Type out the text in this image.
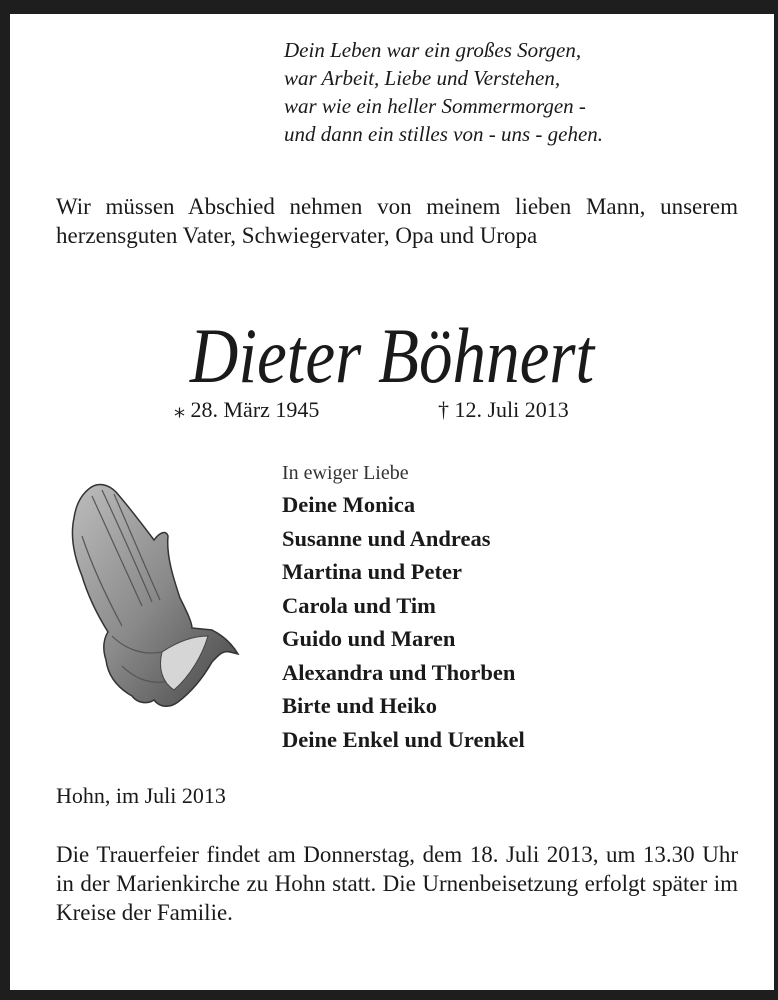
Dein Leben war ein großes Sorgen,
war Arbeit, Liebe und Verstehen,
war wie ein heller Sommermorgen -
und dann ein stilles von - uns - gehen.
Wir müssen Abschied nehmen von meinem lieben Mann, unserem herzensguten Vater, Schwiegervater, Opa und Uropa
Dieter Böhnert
⁎ 28. März 1945	† 12. Juli 2013
In ewiger Liebe
Deine Monica
Susanne und Andreas
Martina und Peter
Carola und Tim
Guido und Maren
Alexandra und Thorben
Birte und Heiko
Deine Enkel und Urenkel
Hohn, im Juli 2013
Die Trauerfeier findet am Donnerstag, dem 18. Juli 2013, um 13.30 Uhr in der Marienkirche zu Hohn statt. Die Urnenbeisetzung erfolgt später im Kreise der Familie.
